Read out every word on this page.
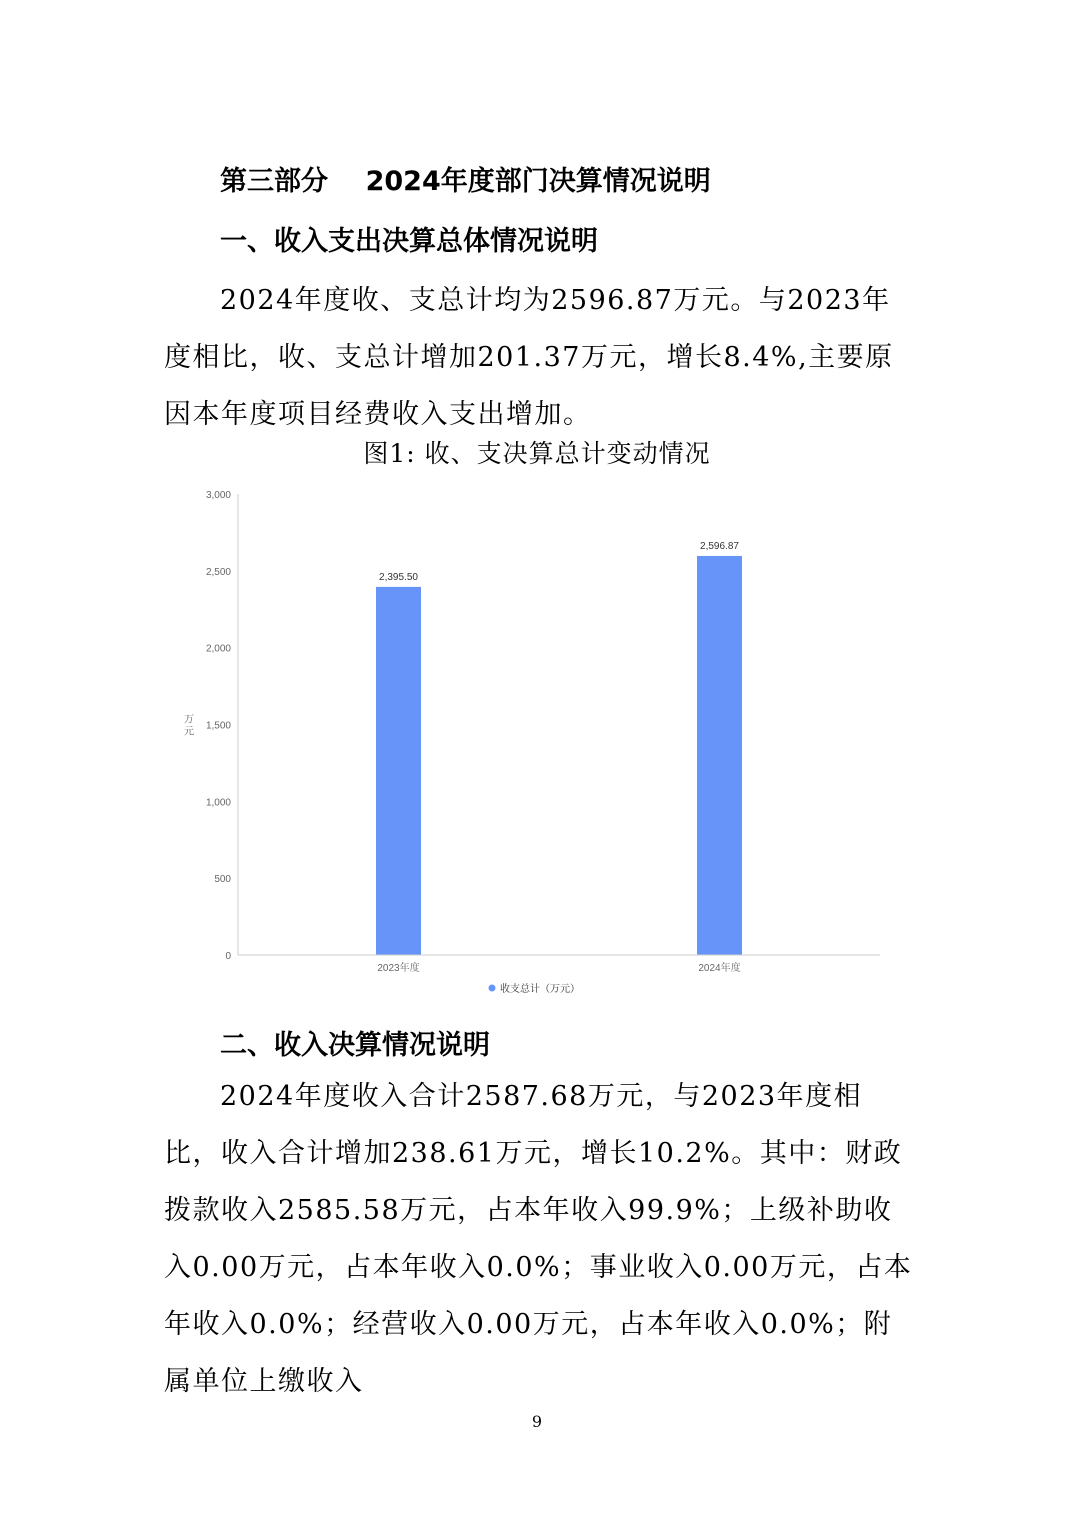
第三部分    2024年度部门决算情况说明
一、收入支出决算总体情况说明

2024年度收、支总计均为2596.87万元。与2023年度相比，收、支总计增加201.37万元，增长8.4%,主要原因本年度项目经费收入支出增加。

图1: 收、支决算总计变动情况

0
500
1,000
1,500
2,000
2,500
3,000
2,395.50
2,596.87
2023年度	2024年度
万元
收支总计（万元）
二、收入决算情况说明

2024年度收入合计2587.68万元，与2023年度相比，收入合计增加238.61万元，增长10.2%。其中：财政拨款收入2585.58万元，占本年收入99.9%；上级补助收入0.00万元，占本年收入0.0%；事业收入0.00万元，占本年收入0.0%；经营收入0.00万元，占本年收入0.0%；附属单位上缴收入

9
